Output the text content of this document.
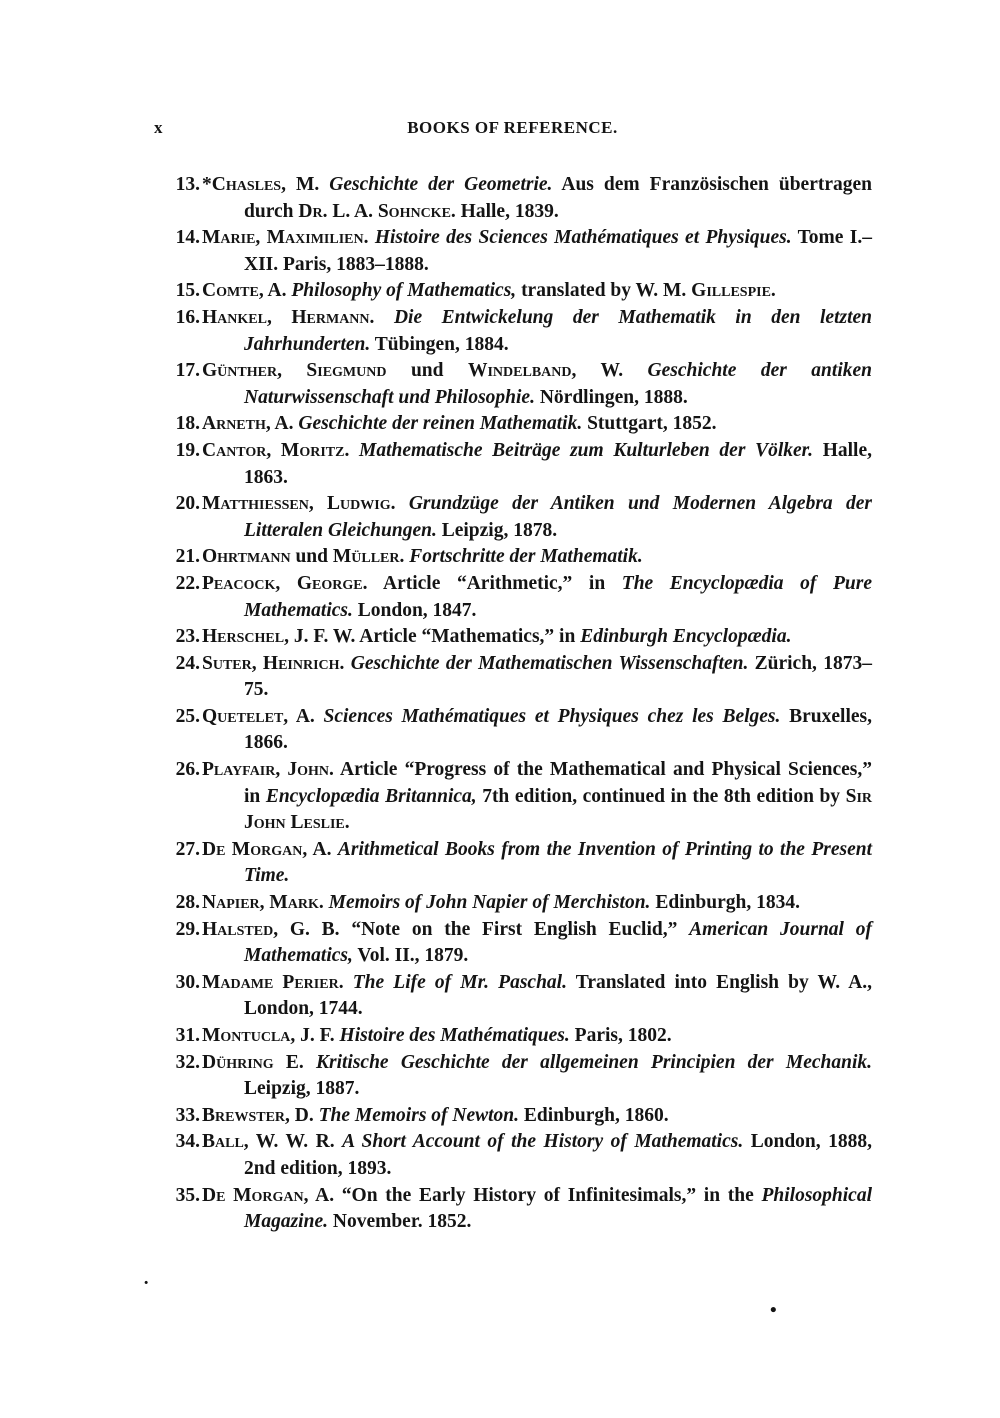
x	BOOKS OF REFERENCE.
13. *Chasles, M. Geschichte der Geometrie. Aus dem Französischen übertragen durch Dr. L. A. Sohncke. Halle, 1839.
14. Marie, Maximilien. Histoire des Sciences Mathématiques et Physiques. Tome I.–XII. Paris, 1883–1888.
15. Comte, A. Philosophy of Mathematics, translated by W. M. Gillespie.
16. Hankel, Hermann. Die Entwickelung der Mathematik in den letzten Jahrhunderten. Tübingen, 1884.
17. Günther, Siegmund und Windelband, W. Geschichte der antiken Naturwissenschaft und Philosophie. Nördlingen, 1888.
18. Arneth, A. Geschichte der reinen Mathematik. Stuttgart, 1852.
19. Cantor, Moritz. Mathematische Beiträge zum Kulturleben der Völker. Halle, 1863.
20. Matthiessen, Ludwig. Grundzüge der Antiken und Modernen Algebra der Litteralen Gleichungen. Leipzig, 1878.
21. Ohrtmann und Müller. Fortschritte der Mathematik.
22. Peacock, George. Article “Arithmetic,” in The Encyclopædia of Pure Mathematics. London, 1847.
23. Herschel, J. F. W. Article “Mathematics,” in Edinburgh Encyclopædia.
24. Suter, Heinrich. Geschichte der Mathematischen Wissenschaften. Zürich, 1873–75.
25. Quetelet, A. Sciences Mathématiques et Physiques chez les Belges. Bruxelles, 1866.
26. Playfair, John. Article “Progress of the Mathematical and Physical Sciences,” in Encyclopædia Britannica, 7th edition, continued in the 8th edition by Sir John Leslie.
27. De Morgan, A. Arithmetical Books from the Invention of Printing to the Present Time.
28. Napier, Mark. Memoirs of John Napier of Merchiston. Edinburgh, 1834.
29. Halsted, G. B. “Note on the First English Euclid,” American Journal of Mathematics, Vol. II., 1879.
30. Madame Perier. The Life of Mr. Paschal. Translated into English by W. A., London, 1744.
31. Montucla, J. F. Histoire des Mathématiques. Paris, 1802.
32. Dühring E. Kritische Geschichte der allgemeinen Principien der Mechanik. Leipzig, 1887.
33. Brewster, D. The Memoirs of Newton. Edinburgh, 1860.
34. Ball, W. W. R. A Short Account of the History of Mathematics. London, 1888, 2nd edition, 1893.
35. De Morgan, A. “On the Early History of Infinitesimals,” in the Philosophical Magazine. November. 1852.
·
•
